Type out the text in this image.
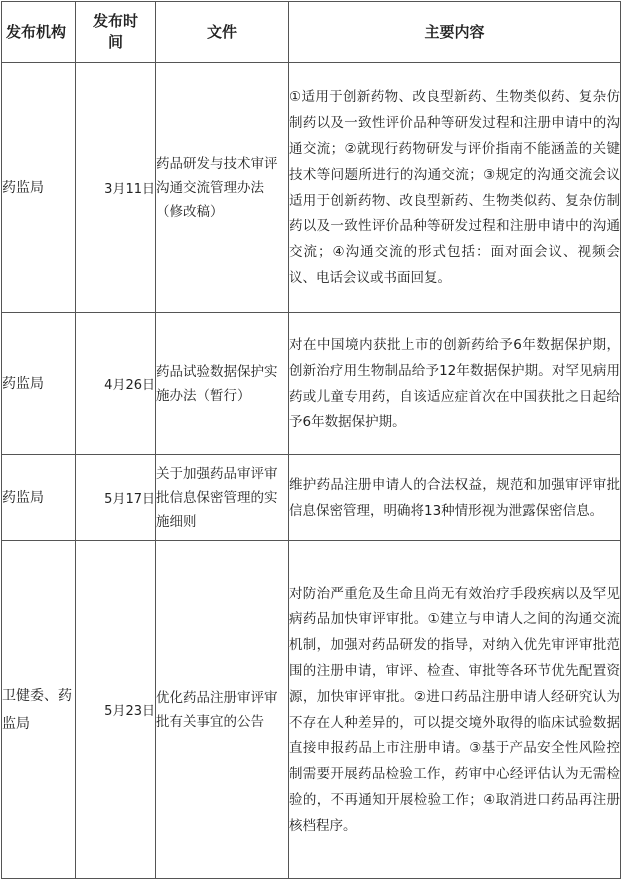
发布机构	发布时间	文件	主要内容
药监局	3月11日	药品研发与技术审评沟通交流管理办法（修改稿）	①适用于创新药物、改良型新药、生物类似药、复杂仿制药以及一致性评价品种等研发过程和注册申请中的沟通交流；②就现行药物研发与评价指南不能涵盖的关键技术等问题所进行的沟通交流；③规定的沟通交流会议适用于创新药物、改良型新药、生物类似药、复杂仿制药以及一致性评价品种等研发过程和注册申请中的沟通交流；④沟通交流的形式包括：面对面会议、视频会议、电话会议或书面回复。

药监局	4月26日	药品试验数据保护实施办法（暂行）	对在中国境内获批上市的创新药给予6年数据保护期，创新治疗用生物制品给予12年数据保护期。对罕见病用药或儿童专用药，自该适应症首次在中国获批之日起给予6年数据保护期。

药监局	5月17日	关于加强药品审评审批信息保密管理的实施细则	维护药品注册申请人的合法权益，规范和加强审评审批信息保密管理，明确将13种情形视为泄露保密信息。

卫健委、药监局	5月23日	优化药品注册审评审批有关事宜的公告	对防治严重危及生命且尚无有效治疗手段疾病以及罕见病药品加快审评审批。①建立与申请人之间的沟通交流机制，加强对药品研发的指导，对纳入优先审评审批范围的注册申请，审评、检查、审批等各环节优先配置资源，加快审评审批。②进口药品注册申请人经研究认为不存在人种差异的，可以提交境外取得的临床试验数据直接申报药品上市注册申请。③基于产品安全性风险控制需要开展药品检验工作，药审中心经评估认为无需检验的，不再通知开展检验工作；④取消进口药品再注册核档程序。
